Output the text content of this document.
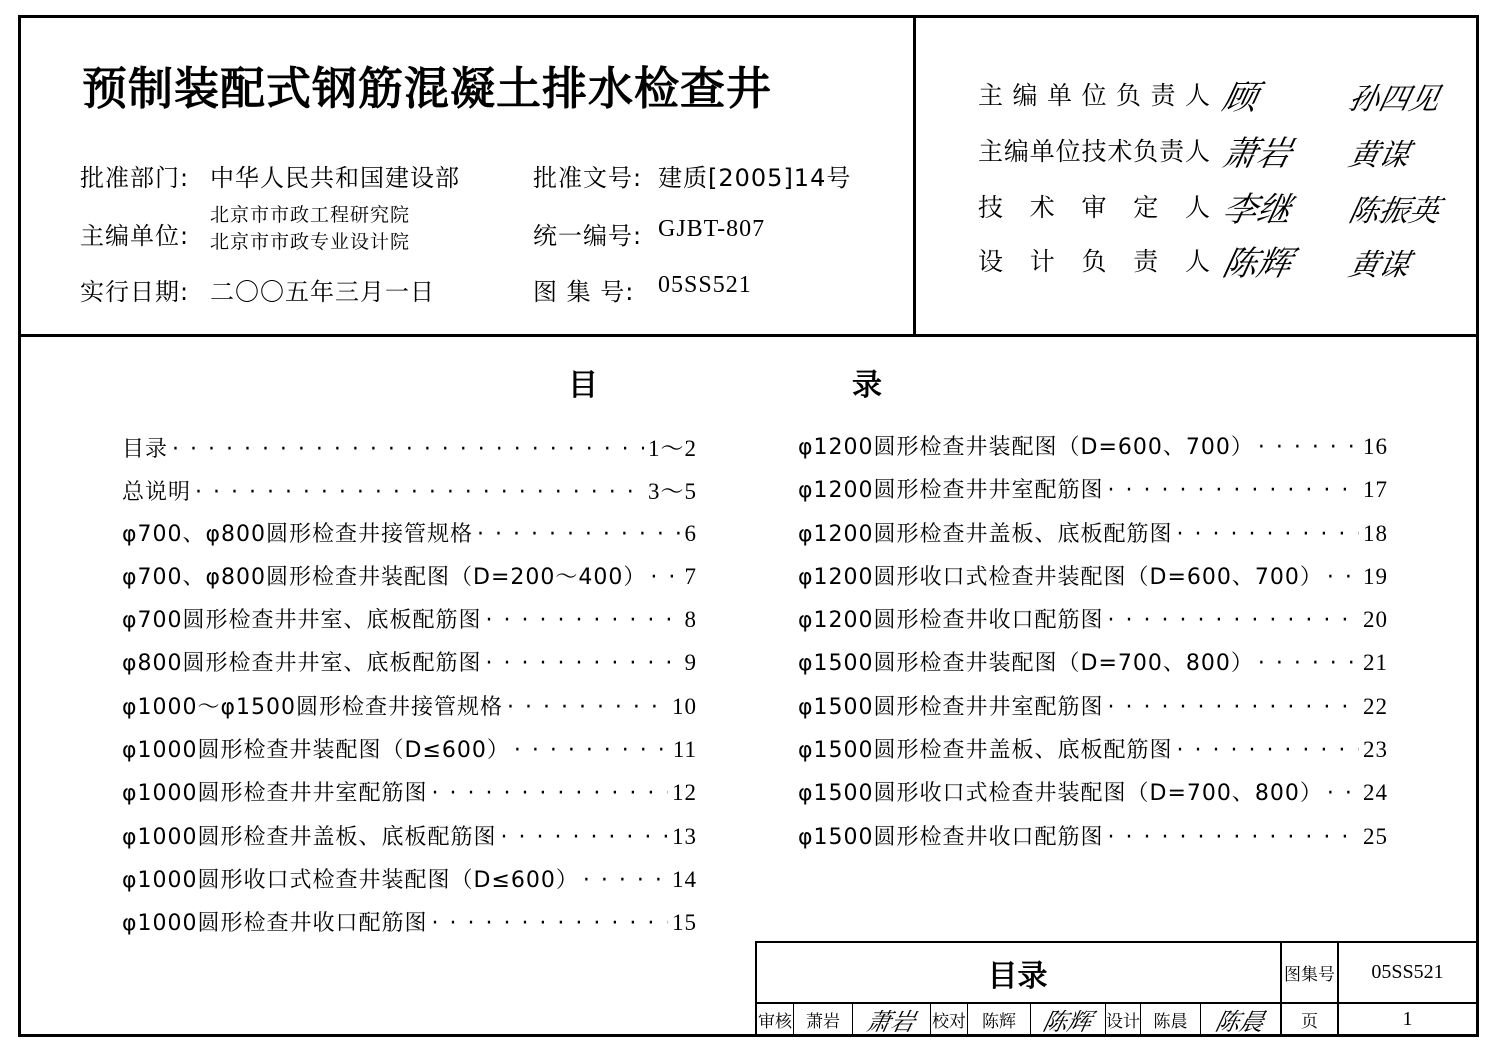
预制装配式钢筋混凝土排水检查井
批准部门: 中华人民共和国建设部
主编单位:
北京市市政工程研究院
北京市市政专业设计院
实行日期: 二〇〇五年三月一日
批准文号: 建质[2005]14号
统一编号: GJBT-807
图 集 号: 05SS521
主编单位负责人 顾	孙四见
主编单位技术负责人 萧岩 黄谋
技术审定人 李继 陈振英
设计负责人 陈辉 黄谋
目	录
目录 · · ·	1～2
总说明 · · ·	3～5
φ700、φ800圆形检查井接管规格 · · ·	6
φ700、φ800圆形检查井装配图（D=200～400） · · · 7
φ700圆形检查井井室、底板配筋图 · · ·	8
φ800圆形检查井井室、底板配筋图 · · ·	9
φ1000～φ1500圆形检查井接管规格 · · ·	10
φ1000圆形检查井装配图（D≤600） · · ·	11
φ1000圆形检查井井室配筋图 · · ·	12
φ1000圆形检查井盖板、底板配筋图 · · ·	13
φ1000圆形收口式检查井装配图（D≤600） · · ·	14
φ1000圆形检查井收口配筋图 · · ·	15
φ1200圆形检查井装配图（D=600、700） · · ·	16
φ1200圆形检查井井室配筋图 · · ·	17
φ1200圆形检查井盖板、底板配筋图 · · ·	18
φ1200圆形收口式检查井装配图（D=600、700） · · · 19
φ1200圆形检查井收口配筋图 · · ·	20
φ1500圆形检查井装配图（D=700、800） · · ·	21
φ1500圆形检查井井室配筋图 · · ·	22
φ1500圆形检查井盖板、底板配筋图 · · ·	23
φ1500圆形收口式检查井装配图（D=700、800） · · · 24
φ1500圆形检查井收口配筋图 · · ·	25
目录	图集号	05SS521
审核 萧岩 萧岩 校对 陈辉	陈辉 设计 陈晨	陈晨	页	1
